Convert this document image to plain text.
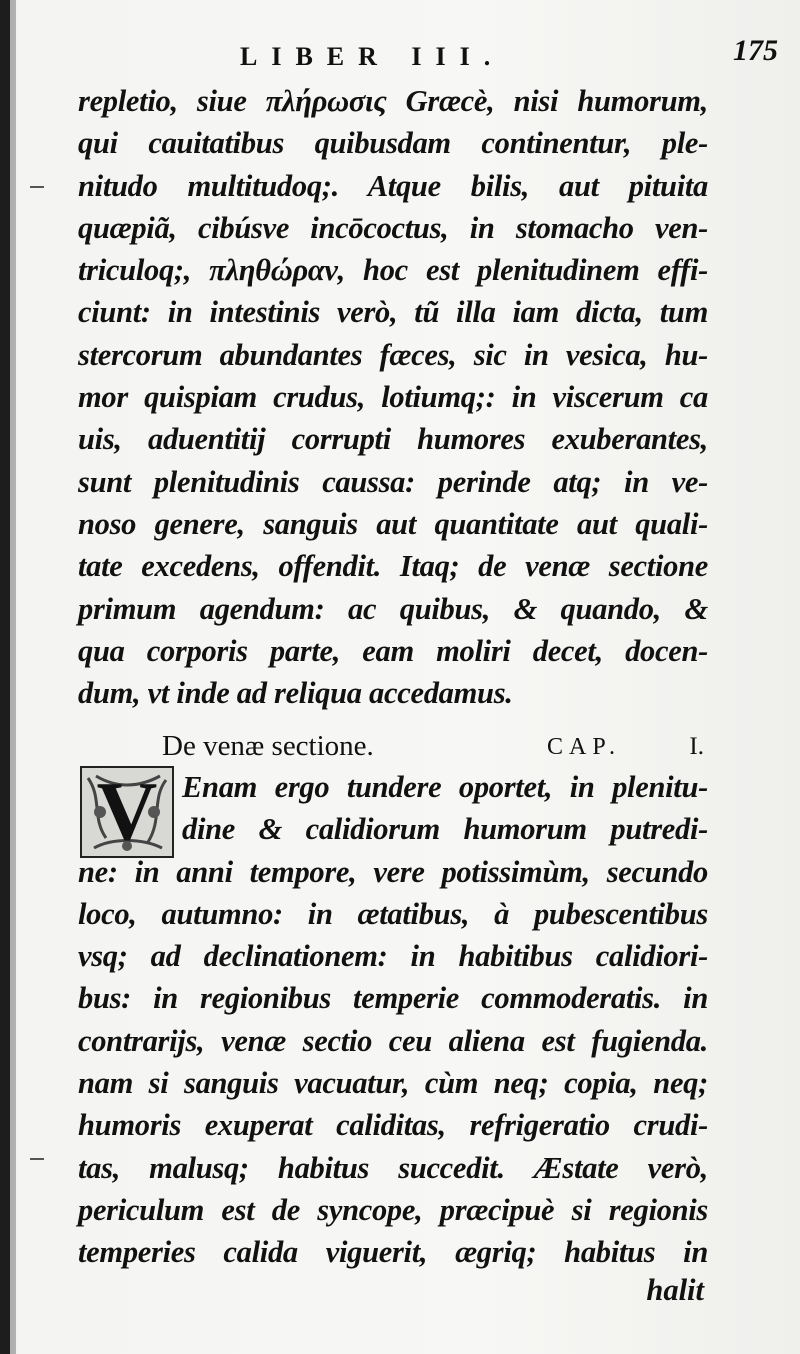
LIBER III.	175
repletio, siue πλήρωσις Græcè, nisi humorum,
qui cauitatibus quibusdam continentur, ple-
nitudo multitudoq;. Atque bilis, aut pituita
quæpiã, cibúsve incōcoctus, in stomacho ven-
triculoq;, πληθώραν, hoc est plenitudinem effi-
ciunt: in intestinis verò, tũ illa iam dicta, tum
stercorum abundantes fæces, sic in vesica, hu-
mor quispiam crudus, lotiumq;: in viscerum ca
uis, aduentitij corrupti humores exuberantes,
sunt plenitudinis caussa: perinde atq; in ve-
noso genere, sanguis aut quantitate aut quali-
tate excedens, offendit. Itaq; de venæ sectione
primum agendum: ac quibus, & quando, &
qua corporis parte, eam moliri decet, docen-
dum, vt inde ad reliqua accedamus.
De venæ sectione.	CAP.	I.
V Enam ergo tundere oportet, in plenitu-
dine & calidiorum humorum putredi-
ne: in anni tempore, vere potissimùm, secundo
loco, autumno: in ætatibus, à pubescentibus
vsq; ad declinationem: in habitibus calidiori-
bus: in regionibus temperie commoderatis. in
contrarijs, venæ sectio ceu aliena est fugienda.
nam si sanguis vacuatur, cùm neq; copia, neq;
humoris exuperat caliditas, refrigeratio crudi-
tas, malusq; habitus succedit. Æstate verò,
periculum est de syncope, præcipuè si regionis
temperies calida viguerit, ægriq; habitus in
halit
